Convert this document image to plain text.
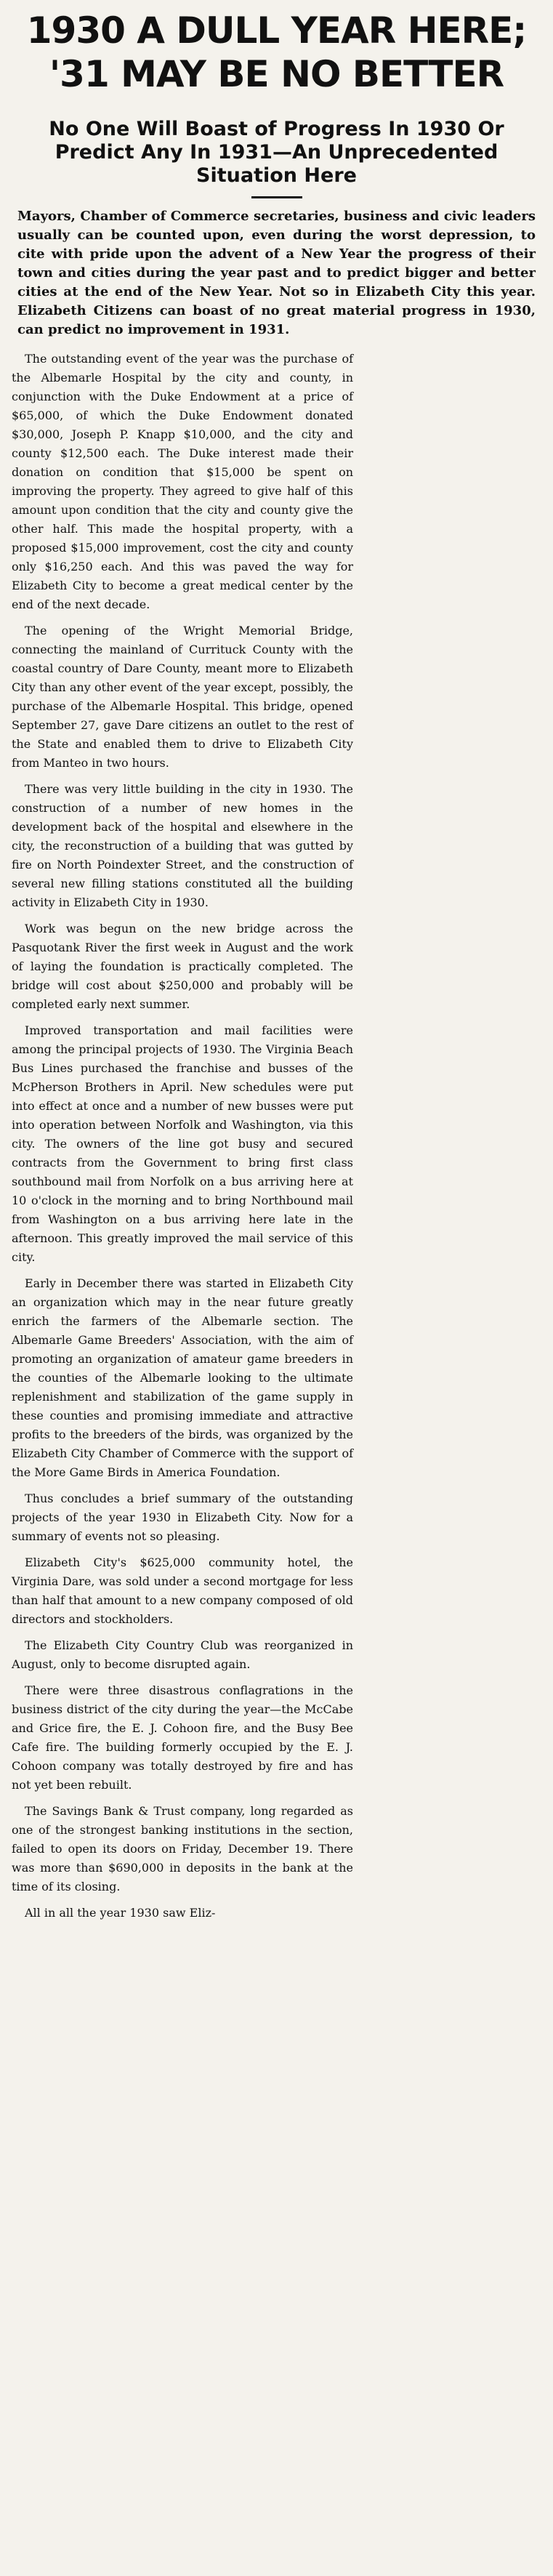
1930 A DULL YEAR HERE;
'31 MAY BE NO BETTER
No One Will Boast of Progress In 1930 Or
Predict Any In 1931—An Unprecedented
Situation Here

Mayors, Chamber of Commerce secretaries, business and civic leaders usually can be counted upon, even during the worst depression, to cite with pride upon the advent of a New Year the progress of their town and cities during the year past and to predict bigger and better cities at the end of the New Year. Not so in Elizabeth City this year. Elizabeth Citizens can boast of no great material progress in 1930, can predict no improvement in 1931.

The outstanding event of the year was the purchase of the Albemarle Hospital by the city and county, in conjunction with the Duke Endowment at a price of $65,000, of which the Duke Endowment donated $30,000, Joseph P. Knapp $10,000, and the city and county $12,500 each. The Duke interest made their donation on condition that $15,000 be spent on improving the property. They agreed to give half of this amount upon condition that the city and county give the other half. This made the hospital property, with a proposed $15,000 improvement, cost the city and county only $16,250 each. And this was paved the way for Elizabeth City to become a great medical center by the end of the next decade.

The opening of the Wright Memorial Bridge, connecting the mainland of Currituck County with the coastal country of Dare County, meant more to Elizabeth City than any other event of the year except, possibly, the purchase of the Albemarle Hospital. This bridge, opened September 27, gave Dare citizens an outlet to the rest of the State and enabled them to drive to Elizabeth City from Manteo in two hours.

There was very little building in the city in 1930. The construction of a number of new homes in the development back of the hospital and elsewhere in the city, the reconstruction of a building that was gutted by fire on North Poindexter Street, and the construction of several new filling stations constituted all the building activity in Elizabeth City in 1930.

Work was begun on the new bridge across the Pasquotank River the first week in August and the work of laying the foundation is practically completed. The bridge will cost about $250,000 and probably will be completed early next summer.

Improved transportation and mail facilities were among the principal projects of 1930. The Virginia Beach Bus Lines purchased the franchise and busses of the McPherson Brothers in April. New schedules were put into effect at once and a number of new busses were put into operation between Norfolk and Washington, via this city. The owners of the line got busy and secured contracts from the Government to bring first class southbound mail from Norfolk on a bus arriving here at 10 o'clock in the morning and to bring Northbound mail from Washington on a bus arriving here late in the afternoon. This greatly improved the mail service of this city.

Early in December there was started in Elizabeth City an organization which may in the near future greatly enrich the farmers of the Albemarle section. The Albemarle Game Breeders' Association, with the aim of promoting an organization of amateur game breeders in the counties of the Albemarle looking to the ultimate replenishment and stabilization of the game supply in these counties and promising immediate and attractive profits to the breeders of the birds, was organized by the Elizabeth City Chamber of Commerce with the support of the More Game Birds in America Foundation.

Thus concludes a brief summary of the outstanding projects of the year 1930 in Elizabeth City. Now for a summary of events not so pleasing.

Elizabeth City's $625,000 community hotel, the Virginia Dare, was sold under a second mortgage for less than half that amount to a new company composed of old directors and stockholders.

The Elizabeth City Country Club was reorganized in August, only to become disrupted again.

There were three disastrous conflagrations in the business district of the city during the year—the McCabe and Grice fire, the E. J. Cohoon fire, and the Busy Bee Cafe fire. The building formerly occupied by the E. J. Cohoon company was totally destroyed by fire and has not yet been rebuilt.

The Savings Bank & Trust company, long regarded as one of the strongest banking institutions in the section, failed to open its doors on Friday, December 19. There was more than $690,000 in deposits in the bank at the time of its closing.

All in all the year 1930 saw Eliz-
